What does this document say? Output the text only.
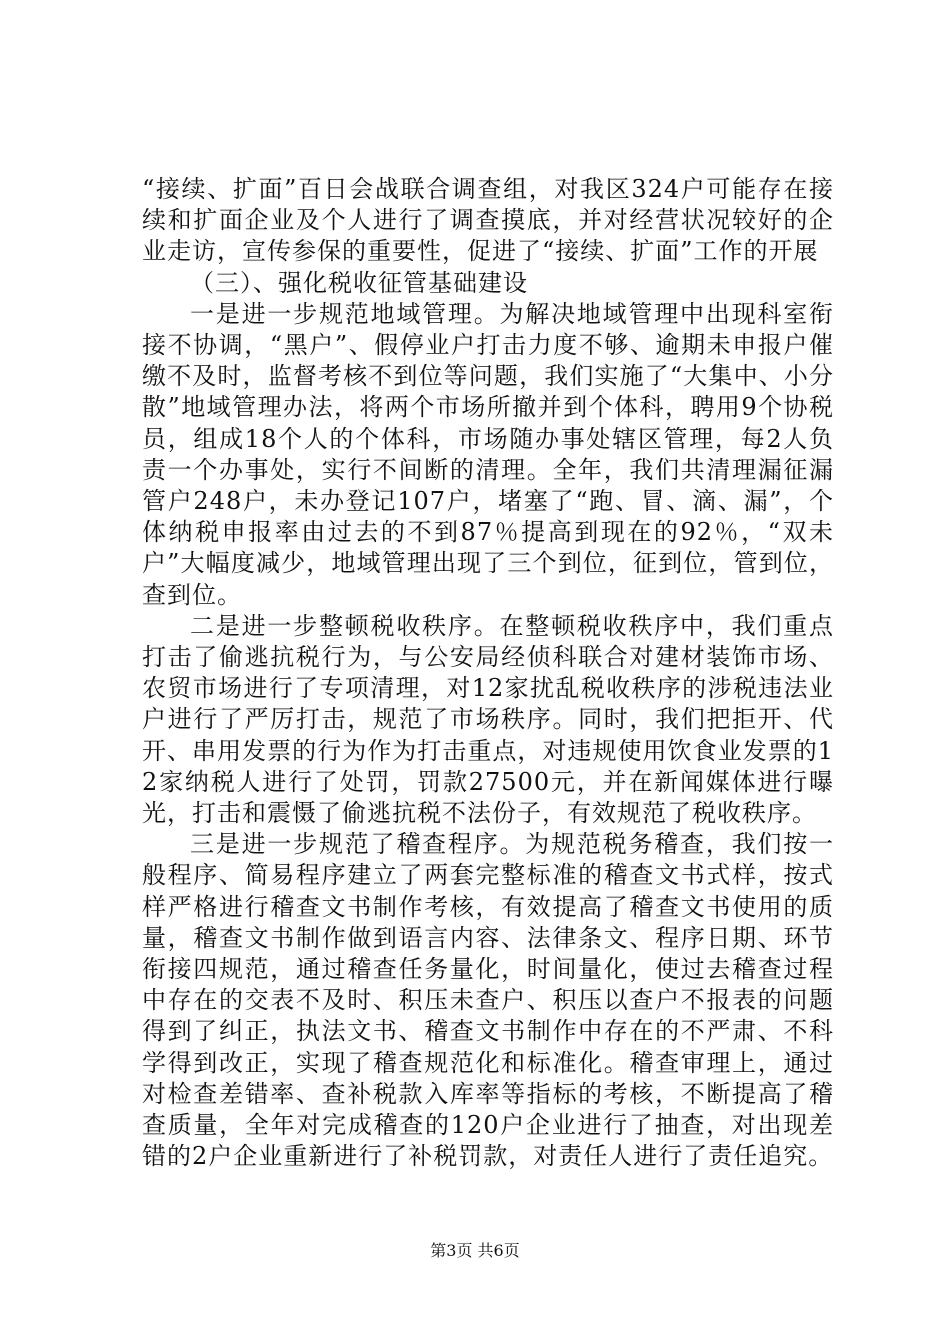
“接续、扩面”百日会战联合调查组，对我区324户可能存在接续和扩面企业及个人进行了调查摸底，并对经营状况较好的企业走访，宣传参保的重要性，促进了“接续、扩面”工作的开展

（三）、强化税收征管基础建设

一是进一步规范地域管理。为解决地域管理中出现科室衔接不协调，“黑户”、假停业户打击力度不够、逾期未申报户催缴不及时，监督考核不到位等问题，我们实施了“大集中、小分散”地域管理办法，将两个市场所撤并到个体科，聘用9个协税员，组成18个人的个体科，市场随办事处辖区管理，每2人负责一个办事处，实行不间断的清理。全年，我们共清理漏征漏管户248户，未办登记107户，堵塞了“跑、冒、滴、漏”，个体纳税申报率由过去的不到87％提高到现在的92％，“双未户”大幅度减少，地域管理出现了三个到位，征到位，管到位，查到位。

二是进一步整顿税收秩序。在整顿税收秩序中，我们重点打击了偷逃抗税行为，与公安局经侦科联合对建材装饰市场、农贸市场进行了专项清理，对12家扰乱税收秩序的涉税违法业户进行了严厉打击，规范了市场秩序。同时，我们把拒开、代开、串用发票的行为作为打击重点，对违规使用饮食业发票的12家纳税人进行了处罚，罚款27500元，并在新闻媒体进行曝光，打击和震慑了偷逃抗税不法份子，有效规范了税收秩序。

三是进一步规范了稽查程序。为规范税务稽查，我们按一般程序、简易程序建立了两套完整标准的稽查文书式样，按式样严格进行稽查文书制作考核，有效提高了稽查文书使用的质量，稽查文书制作做到语言内容、法律条文、程序日期、环节衔接四规范，通过稽查任务量化，时间量化，使过去稽查过程中存在的交表不及时、积压未查户、积压以查户不报表的问题得到了纠正，执法文书、稽查文书制作中存在的不严肃、不科学得到改正，实现了稽查规范化和标准化。稽查审理上，通过对检查差错率、查补税款入库率等指标的考核，不断提高了稽查质量，全年对完成稽查的120户企业进行了抽查，对出现差错的2户企业重新进行了补税罚款，对责任人进行了责任追究。

第3页 共6页
